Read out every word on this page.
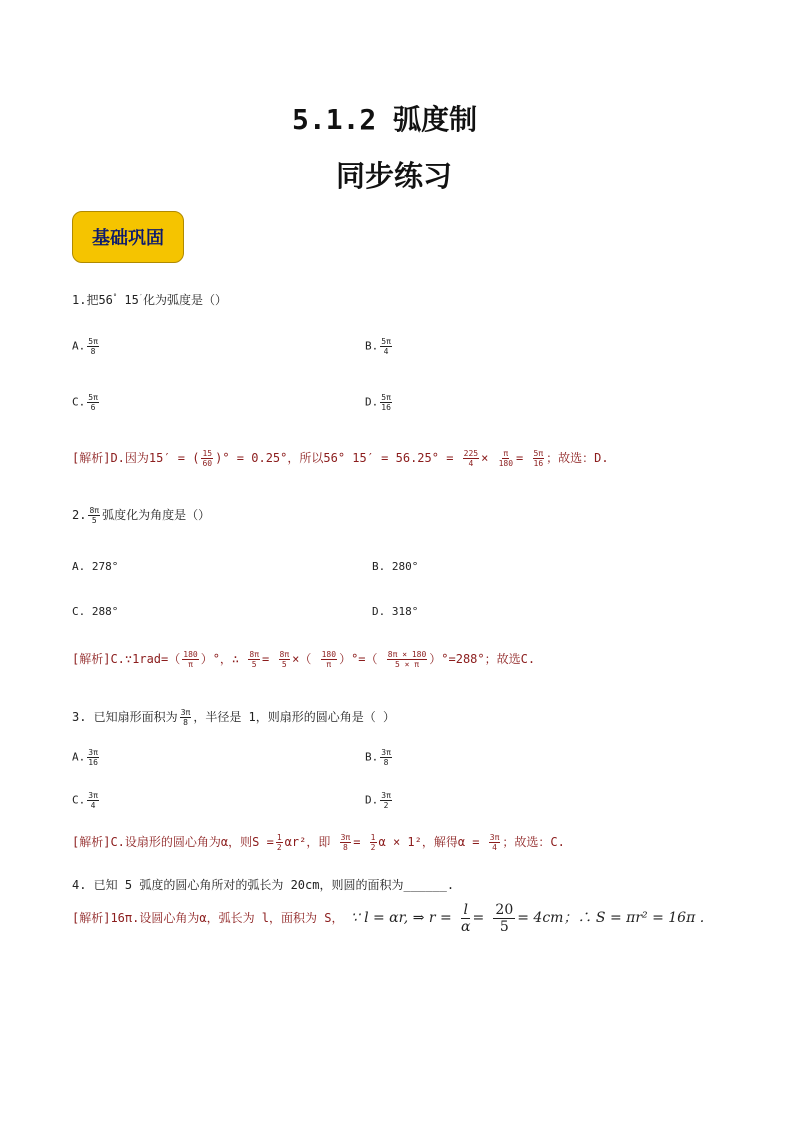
5.1.2 弧度制
同步练习
基础巩固
1.把56° 15′化为弧度是（）
A. $\frac{5\pi}{8}$	B. $\frac{5\pi}{4}$
C. $\frac{5\pi}{6}$	D. $\frac{5\pi}{16}$
[解析]D.因为15′ = ( $\frac{15}{60}$ )° = 0.25°，所以56° $15' = 56.25^\circ = \frac{225}{4} \times \frac{\pi}{180} = \frac{5\pi}{16}$ ；故选：D.
2. $\frac{8\pi}{5}$ 弧度化为角度是（）
A. 278°	B. 280°
C. 288°	D. 318°
[解析]C.∵1rad=（ $\frac{180}{\pi}$ ）°，∴ $\frac{8\pi}{5} = \frac{8\pi}{5}$ ×（ $\frac{180}{\pi}$ ）°=（ $\frac{8\pi \times 180}{5 \times \pi} )^\circ=288^\circ$；故选C.
3. 已知扇形面积为 $\frac{3\pi}{8}$ ，半径是 1，则扇形的圆心角是（ ）
A. $\frac{3\pi}{16}$	B. $\frac{3\pi}{8}$
C. $\frac{3\pi}{4}$	D. $\frac{3\pi}{2}$
[解析]C.设扇形的圆心角为α，则$S = \frac{1}{2} \alpha r^2$，即 $\frac{3\pi}{8} = \frac{1}{2}$ α × 1²，解得$\alpha = \frac{3\pi}{4}$ ；故选：C.
4. 已知 5 弧度的圆心角所对的弧长为 20cm，则圆的面积为______.
[解析]16π.设圆心角为α，弧长为 l，面积为 S， ∵ l = αr, ⇒ $r = \frac{l}{\alpha} = \frac{20}{5} = 4cm$；∴ S = πr² = 16π .
